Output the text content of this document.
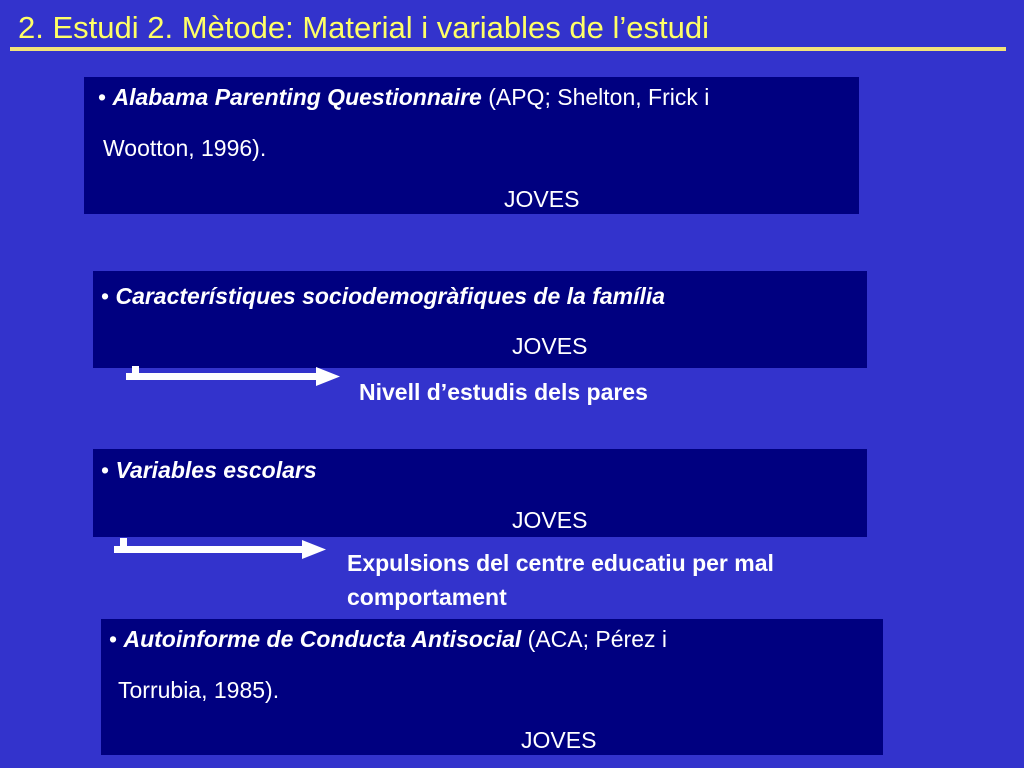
2. Estudi 2. Mètode: Material i variables de l’estudi
• Alabama Parenting Questionnaire (APQ; Shelton, Frick i
Wootton, 1996).
JOVES
• Característiques sociodemogràfiques de la família
JOVES
Nivell d’estudis dels pares
• Variables escolars
JOVES
Expulsions del centre educatiu per mal
comportament
• Autoinforme de Conducta Antisocial (ACA; Pérez i
Torrubia, 1985).
JOVES
